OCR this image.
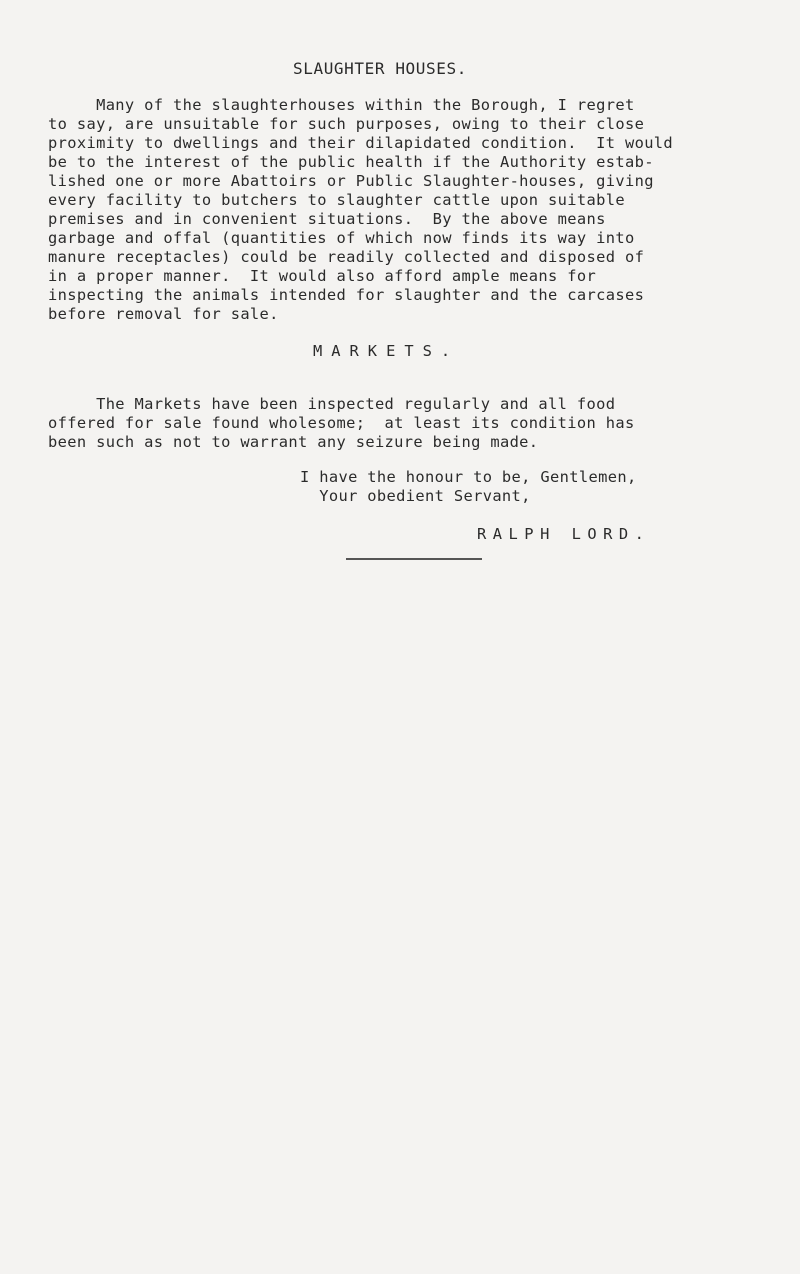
SLAUGHTER HOUSES.
Many of the slaughterhouses within the Borough, I regret
to say, are unsuitable for such purposes, owing to their close
proximity to dwellings and their dilapidated condition.  It would
be to the interest of the public health if the Authority estab-
lished one or more Abattoirs or Public Slaughter-houses, giving
every facility to butchers to slaughter cattle upon suitable
premises and in convenient situations.  By the above means
garbage and offal (quantities of which now finds its way into
manure receptacles) could be readily collected and disposed of
in a proper manner.  It would also afford ample means for
inspecting the animals intended for slaughter and the carcases
before removal for sale.
MARKETS.
The Markets have been inspected regularly and all food
offered for sale found wholesome;  at least its condition has
been such as not to warrant any seizure being made.
I have the honour to be, Gentlemen,
Your obedient Servant,
RALPH LORD.
